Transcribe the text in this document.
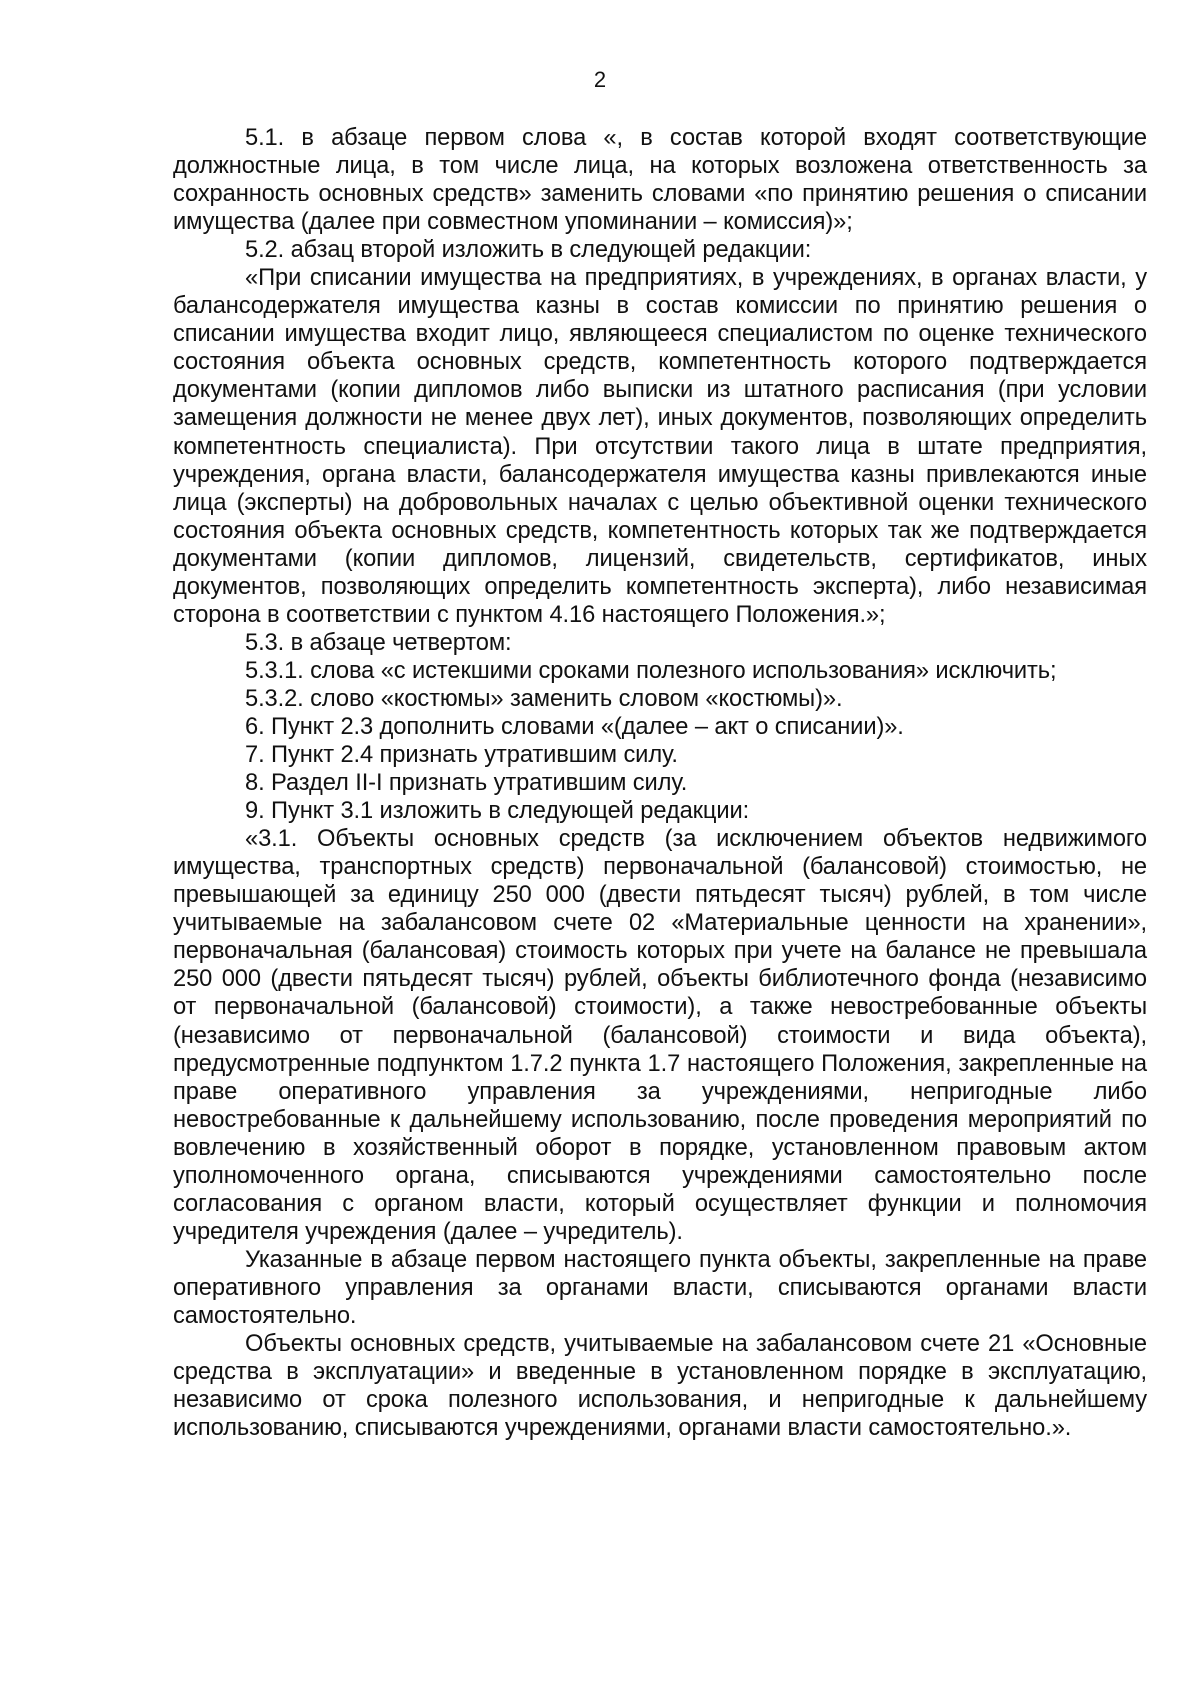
2

5.1. в абзаце первом слова «, в состав которой входят соответствующие должностные лица, в том числе лица, на которых возложена ответственность за сохранность основных средств» заменить словами «по принятию решения о списании имущества (далее при совместном упоминании – комиссия)»;

5.2. абзац второй изложить в следующей редакции:

«При списании имущества на предприятиях, в учреждениях, в органах власти, у балансодержателя имущества казны в состав комиссии по принятию решения о списании имущества входит лицо, являющееся специалистом по оценке технического состояния объекта основных средств, компетентность которого подтверждается документами (копии дипломов либо выписки из штатного расписания (при условии замещения должности не менее двух лет), иных документов, позволяющих определить компетентность специалиста). При отсутствии такого лица в штате предприятия, учреждения, органа власти, балансодержателя имущества казны привлекаются иные лица (эксперты) на добровольных началах с целью объективной оценки технического состояния объекта основных средств, компетентность которых так же подтверждается документами (копии дипломов, лицензий, свидетельств, сертификатов, иных документов, позволяющих определить компетентность эксперта), либо независимая сторона в соответствии с пунктом 4.16 настоящего Положения.»;

5.3. в абзаце четвертом:

5.3.1. слова «с истекшими сроками полезного использования» исключить;

5.3.2. слово «костюмы» заменить словом «костюмы)».

6. Пункт 2.3 дополнить словами «(далее – акт о списании)».

7. Пункт 2.4 признать утратившим силу.

8. Раздел II-I признать утратившим силу.

9. Пункт 3.1 изложить в следующей редакции:

«3.1. Объекты основных средств (за исключением объектов недвижимого имущества, транспортных средств) первоначальной (балансовой) стоимостью, не превышающей за единицу 250 000 (двести пятьдесят тысяч) рублей, в том числе учитываемые на забалансовом счете 02 «Материальные ценности на хранении», первоначальная (балансовая) стоимость которых при учете на балансе не превышала 250 000 (двести пятьдесят тысяч) рублей, объекты библиотечного фонда (независимо от первоначальной (балансовой) стоимости), а также невостребованные объекты (независимо от первоначальной (балансовой) стоимости и вида объекта), предусмотренные подпунктом 1.7.2 пункта 1.7 настоящего Положения, закрепленные на праве оперативного управления за учреждениями, непригодные либо невостребованные к дальнейшему использованию, после проведения мероприятий по вовлечению в хозяйственный оборот в порядке, установленном правовым актом уполномоченного органа, списываются учреждениями самостоятельно после согласования с органом власти, который осуществляет функции и полномочия учредителя учреждения (далее – учредитель).

Указанные в абзаце первом настоящего пункта объекты, закрепленные на праве оперативного управления за органами власти, списываются органами власти самостоятельно.

Объекты основных средств, учитываемые на забалансовом счете 21 «Основные средства в эксплуатации» и введенные в установленном порядке в эксплуатацию, независимо от срока полезного использования, и непригодные к дальнейшему использованию, списываются учреждениями, органами власти самостоятельно.».
